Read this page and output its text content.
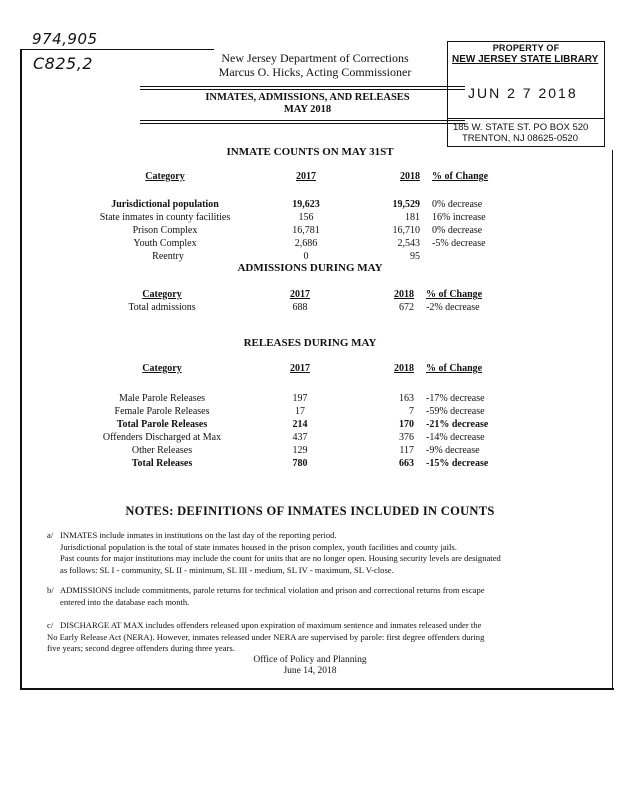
974,905
C825,2	New Jersey Department of Corrections
Marcus O. Hicks, Acting Commissioner
INMATES, ADMISSIONS, AND RELEASES
MAY 2018
PROPERTY OF
NEW JERSEY STATE LIBRARY
JUN 2 7 2018
185 W. STATE ST. PO BOX 520
TRENTON, NJ 08625-0520
INMATE COUNTS ON MAY 31ST
Category	2017	2018	% of Change

Jurisdictional population	19,623	19,529	0% decrease
State inmates in county facilities	156	181	16% increase
Prison Complex	16,781	16,710	0% decrease
Youth Complex	2,686	2,543	-5% decrease
Reentry	0	95	
ADMISSIONS DURING MAY
Category	2017	2018	% of Change
Total admissions	688	672	-2% decrease
RELEASES DURING MAY
Category	2017	2018	% of Change

Male Parole Releases	197	163	-17% decrease
Female Parole Releases	17	7	-59% decrease
Total Parole Releases	214	170	-21% decrease
Offenders Discharged at Max	437	376	-14% decrease
Other Releases	129	117	-9% decrease
Total Releases	780	663	-15% decrease
NOTES: DEFINITIONS OF INMATES INCLUDED IN COUNTS
a/ INMATES include inmates in institutions on the last day of the reporting period.
Jurisdictional population is the total of state inmates housed in the prison complex, youth facilities and county jails.
Past counts for major institutions may include the count for units that are no longer open. Housing security levels are designated
as follows: SL I - community, SL II - minimum, SL III - medium, SL IV - maximum, SL V-close.
b/ ADMISSIONS include commitments, parole returns for technical violation and prison and correctional returns from escape
entered into the database each month.
c/ DISCHARGE AT MAX includes offenders released upon expiration of maximum sentence and inmates released under the
No Early Release Act (NERA). However, inmates released under NERA are supervised by parole: first degree offenders during
five years; second degree offenders during three years.
Office of Policy and Planning
June 14, 2018
